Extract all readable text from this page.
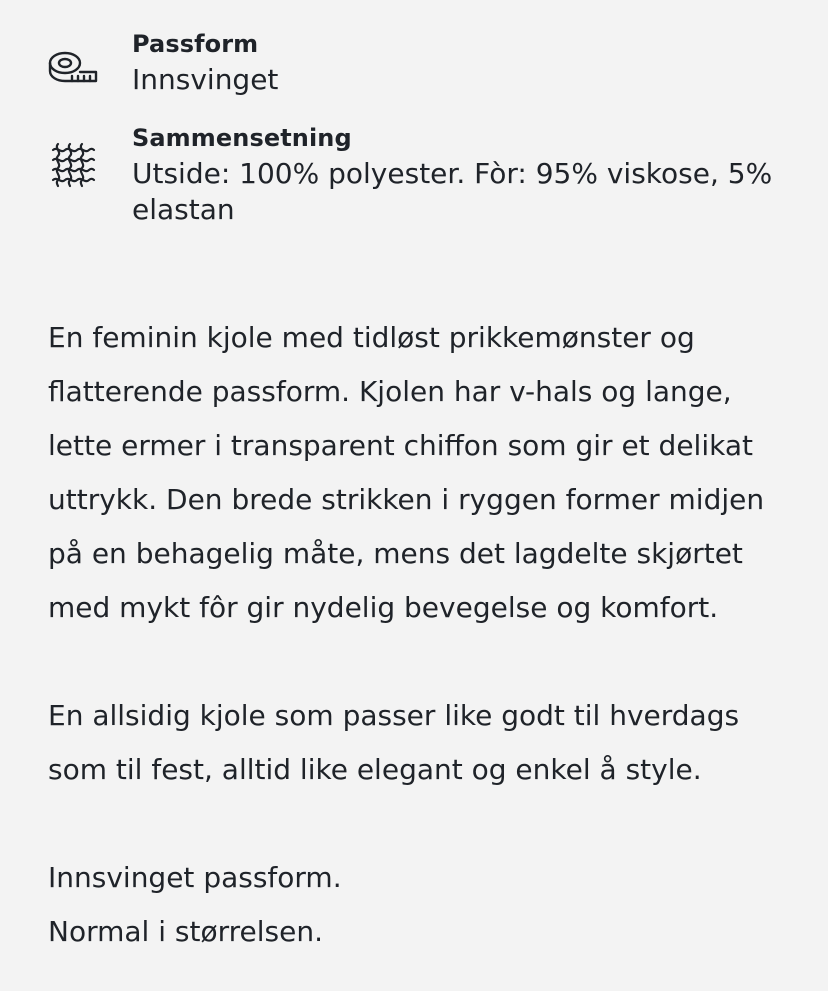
Passform
Innsvinget
Sammensetning
Utside: 100% polyester. Fòr: 95% viskose, 5% elastan

En feminin kjole med tidløst prikkemønster og flatterende passform. Kjolen har v-hals og lange, lette ermer i transparent chiffon som gir et delikat uttrykk. Den brede strikken i ryggen former midjen på en behagelig måte, mens det lagdelte skjørtet med mykt fôr gir nydelig bevegelse og komfort.

En allsidig kjole som passer like godt til hverdags som til fest, alltid like elegant og enkel å style.

Innsvinget passform.
Normal i størrelsen.
